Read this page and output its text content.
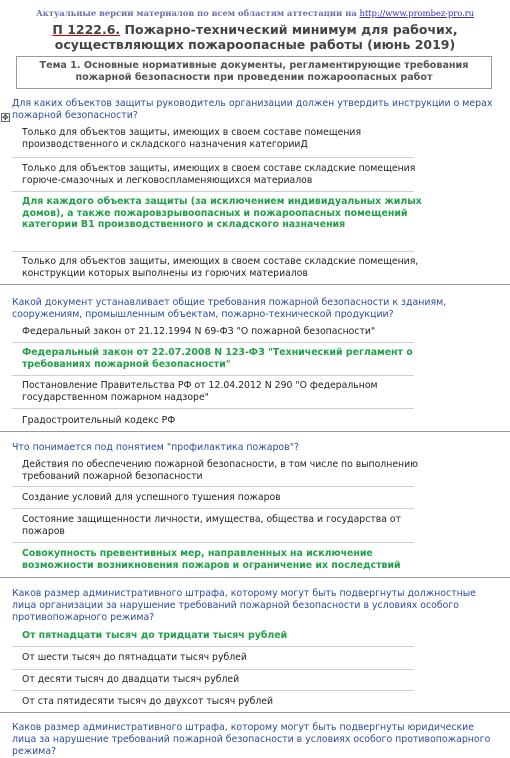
Актуальные версии материалов по всем областям аттестации на http://www.prombez-pro.ru
П 1222.6. Пожарно-технический минимум для рабочих, осуществляющих пожароопасные работы (июнь 2019)
Тема 1. Основные нормативные документы, регламентирующие требования пожарной безопасности при проведении пожароопасных работ
✥
Для каких объектов защиты руководитель организации должен утвердить инструкции о мерах пожарной безопасности?
Только для объектов защиты, имеющих в своем составе помещения производственного и складского назначения категорииД
Только для объектов защиты, имеющих в своем составе складские помещения горюче-смазочных и легковоспламеняющихся материалов
Для каждого объекта защиты (за исключением индивидуальных жилых домов), а также пожаровзрывоопасных и пожароопасных помещений категории В1 производственного и складского назначения
Только для объектов защиты, имеющих в своем составе складские помещения, конструкции которых выполнены из горючих материалов
Какой документ устанавливает общие требования пожарной безопасности к зданиям, сооружениям, промышленным объектам, пожарно-технической продукции?
Федеральный закон от 21.12.1994 N 69-ФЗ "О пожарной безопасности"
Федеральный закон от 22.07.2008 N 123-ФЗ "Технический регламент о требованиях пожарной безопасности"
Постановление Правительства РФ от 12.04.2012 N 290 "О федеральном государственном пожарном надзоре"
Градостроительный кодекс РФ
Что понимается под понятием "профилактика пожаров"?
Действия по обеспечению пожарной безопасности, в том числе по выполнению требований пожарной безопасности
Создание условий для успешного тушения пожаров
Состояние защищенности личности, имущества, общества и государства от пожаров
Совокупность превентивных мер, направленных на исключение возможности возникновения пожаров и ограничение их последствий
Каков размер административного штрафа, которому могут быть подвергнуты должностные лица организации за нарушение требований пожарной безопасности в условиях особого противопожарного режима?
От пятнадцати тысяч до тридцати тысяч рублей
От шести тысяч до пятнадцати тысяч рублей
От десяти тысяч до двадцати тысяч рублей
От ста пятидесяти тысяч до двухсот тысяч рублей
Каков размер административного штрафа, которому могут быть подвергнуты юридические лица за нарушение требований пожарной безопасности в условиях особого противопожарного режима?
